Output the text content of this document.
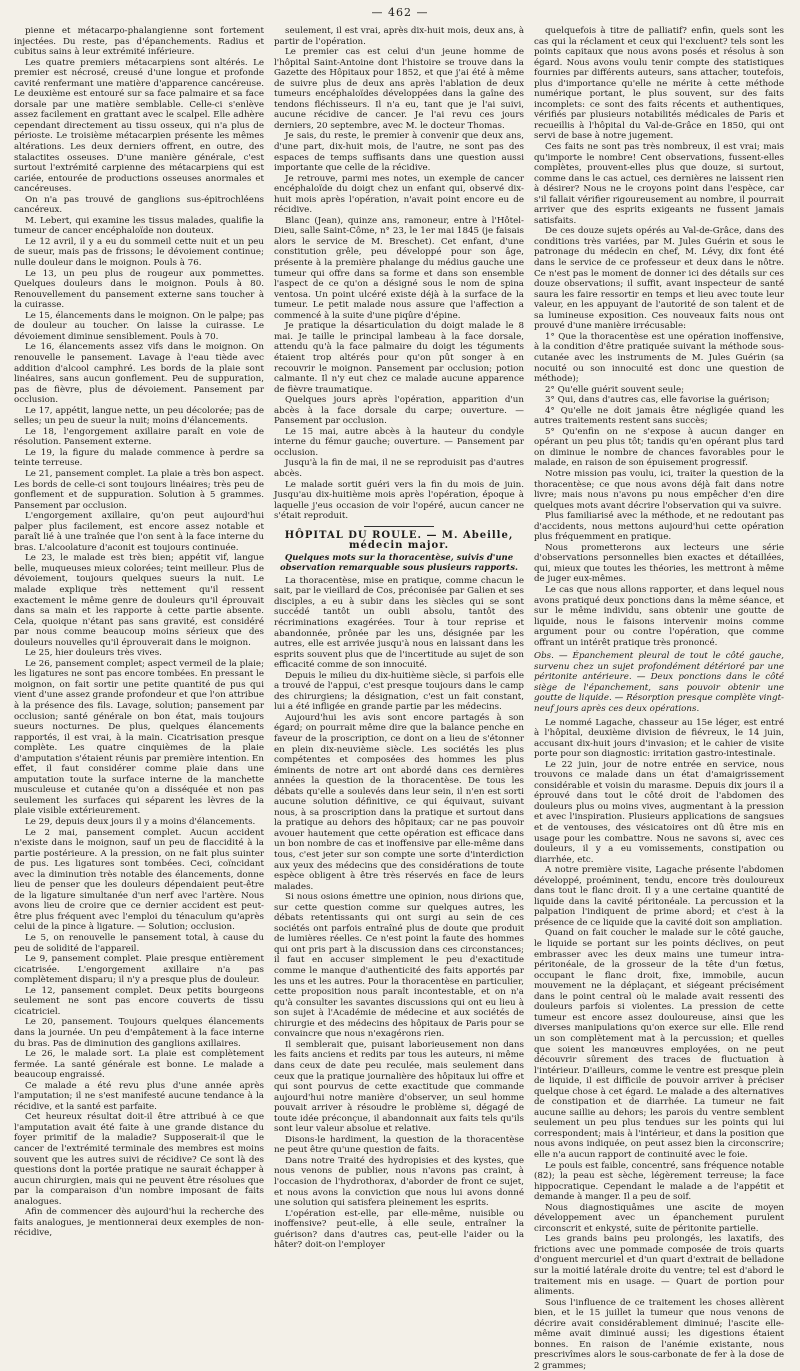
— 462 —

pienne et métacarpo-phalangienne sont fortement injectées. Du reste, pas d'épanchements. Radius et cubitus sains à leur extrémité inférieure.

Les quatre premiers métacarpiens sont altérés. Le premier est nécrosé, creusé d'une longue et profonde cavité renfermant une matière d'apparence cancéreuse. Le deuxième est entouré sur sa face palmaire et sa face dorsale par une matière semblable. Celle-ci s'enlève assez facilement en grattant avec le scalpel. Elle adhère cependant directement au tissu osseux, qui n'a plus de périoste. Le troisième métacarpien présente les mêmes altérations. Les deux derniers offrent, en outre, des stalactites osseuses. D'une manière générale, c'est surtout l'extrémité carpienne des métacarpiens qui est cariée, entourée de productions osseuses anormales et cancéreuses.

On n'a pas trouvé de ganglions sus-épitrochléens cancéreux.

M. Lebert, qui examine les tissus malades, qualifie la tumeur de cancer encéphaloïde non douteux.

Le 12 avril, il y a eu du sommeil cette nuit et un peu de sueur, mais pas de frissons; le dévoiement continue; nulle douleur dans le moignon. Pouls à 76.

Le 13, un peu plus de rougeur aux pommettes. Quelques douleurs dans le moignon. Pouls à 80. Renouvellement du pansement externe sans toucher à la cuirasse.

Le 15, élancements dans le moignon. On le palpe; pas de douleur au toucher. On laisse la cuirasse. Le dévoiement diminue sensiblement. Pouls à 70.

Le 16, élancements assez vifs dans le moignon. On renouvelle le pansement. Lavage à l'eau tiède avec addition d'alcool camphré. Les bords de la plaie sont linéaires, sans aucun gonflement. Peu de suppuration, pas de fièvre, plus de dévoiement. Pansement par occlusion.

Le 17, appétit, langue nette, un peu décolorée; pas de selles; un peu de sueur la nuit; moins d'élancements.

Le 18, l'engorgement axillaire paraît en voie de résolution. Pansement externe.

Le 19, la figure du malade commence à perdre sa teinte terreuse.

Le 21, pansement complet. La plaie a très bon aspect. Les bords de celle-ci sont toujours linéaires; très peu de gonflement et de suppuration. Solution à 5 grammes. Pansement par occlusion.

L'engorgement axillaire, qu'on peut aujourd'hui palper plus facilement, est encore assez notable et paraît lié à une traînée que l'on sent à la face interne du bras. L'alcoolature d'aconit est toujours continuée.

Le 23, le malade est très bien; appétit vif, langue belle, muqueuses mieux colorées; teint meilleur. Plus de dévoiement, toujours quelques sueurs la nuit. Le malade explique très nettement qu'il ressent exactement le même genre de douleurs qu'il éprouvait dans sa main et les rapporte à cette partie absente. Cela, quoique n'étant pas sans gravité, est considéré par nous comme beaucoup moins sérieux que des douleurs nouvelles qu'il éprouverait dans le moignon.

Le 25, hier douleurs très vives.

Le 26, pansement complet; aspect vermeil de la plaie; les ligatures ne sont pas encore tombées. En pressant le moignon, on fait sortir une petite quantité de pus qui vient d'une assez grande profondeur et que l'on attribue à la présence des fils. Lavage, solution; pansement par occlusion; santé générale on bon état, mais toujours sueurs nocturnes. De plus, quelques élancements rapportés, il est vrai, à la main. Cicatrisation presque complète. Les quatre cinquièmes de la plaie d'amputation s'étaient réunis par première intention. En effet, il faut considérer comme plaie dans une amputation toute la surface interne de la manchette musculeuse et cutanée qu'on a disséquée et non pas seulement les surfaces qui séparent les lèvres de la plaie visible extérieurement.

Le 29, depuis deux jours il y a moins d'élancements.

Le 2 mai, pansement complet. Aucun accident n'existe dans le moignon, sauf un peu de flaccidité à la partie postérieure. A la pression, on ne fait plus suinter de pus. Les ligatures sont tombées. Ceci, coïncidant avec la diminution très notable des élancements, donne lieu de penser que les douleurs dépendaient peut-être de la ligature simultanée d'un nerf avec l'artère. Nous avons lieu de croire que ce dernier accident est peut-être plus fréquent avec l'emploi du ténaculum qu'après celui de la pince à ligature. — Solution; occlusion.

Le 5, on renouvelle le pansement total, à cause du peu de solidité de l'appareil.

Le 9, pansement complet. Plaie presque entièrement cicatrisée. L'engorgement axillaire n'a pas complètement disparu; il n'y a presque plus de douleur.

Le 12, pansement complet. Deux petits bourgeons seulement ne sont pas encore couverts de tissu cicatriciel.

Le 20, pansement. Toujours quelques élancements dans la journée. Un peu d'empâtement à la face interne du bras. Pas de diminution des ganglions axillaires.

Le 26, le malade sort. La plaie est complètement fermée. La santé générale est bonne. Le malade a beaucoup engraissé.

Ce malade a été revu plus d'une année après l'amputation; il ne s'est manifesté aucune tendance à la récidive, et la santé est parfaite.

Cet heureux résultat doit-il être attribué à ce que l'amputation avait été faite à une grande distance du foyer primitif de la maladie? Supposerait-il que le cancer de l'extrémité terminale des membres est moins souvent que les autres suivi de récidive? Ce sont là des questions dont la portée pratique ne saurait échapper à aucun chirurgien, mais qui ne peuvent être résolues que par la comparaison d'un nombre imposant de faits analogues.

Afin de commencer dès aujourd'hui la recherche des faits analogues, je mentionnerai deux exemples de non-récidive,

seulement, il est vrai, après dix-huit mois, deux ans, à partir de l'opération.

Le premier cas est celui d'un jeune homme de l'hôpital Saint-Antoine dont l'histoire se trouve dans la Gazette des Hôpitaux pour 1852, et que j'ai été à même de suivre plus de deux ans après l'ablation de deux tumeurs encéphaloïdes développées dans la gaîne des tendons fléchisseurs. Il n'a eu, tant que je l'ai suivi, aucune récidive de cancer. Je l'ai revu ces jours derniers, 20 septembre, avec M. le docteur Thomas.

Je sais, du reste, le premier à convenir que deux ans, d'une part, dix-huit mois, de l'autre, ne sont pas des espaces de temps suffisants dans une question aussi importante que celle de la récidive.

Je retrouve, parmi mes notes, un exemple de cancer encéphaloïde du doigt chez un enfant qui, observé dix-huit mois après l'opération, n'avait point encore eu de récidive.

Blanc (Jean), quinze ans, ramoneur, entre à l'Hôtel-Dieu, salle Saint-Côme, n° 23, le 1er mai 1845 (je faisais alors le service de M. Breschet). Cet enfant, d'une constitution grêle, peu développé pour son âge, présente à la première phalange du médius gauche une tumeur qui offre dans sa forme et dans son ensemble l'aspect de ce qu'on a désigné sous le nom de spina ventosa. Un point ulcéré existe déjà à la surface de la tumeur. Le petit malade nous assure que l'affection a commencé à la suite d'une piqûre d'épine.

Je pratique la désarticulation du doigt malade le 8 mai. Je taille le principal lambeau à la face dorsale, attendu qu'à la face palmaire du doigt les téguments étaient trop altérés pour qu'on pût songer à en recouvrir le moignon. Pansement par occlusion; potion calmante. Il n'y eut chez ce malade aucune apparence de fièvre traumatique.

Quelques jours après l'opération, apparition d'un abcès à la face dorsale du carpe; ouverture. — Pansement par occlusion.

Le 15 mai, autre abcès à la hauteur du condyle interne du fémur gauche; ouverture. — Pansement par occlusion.

Jusqu'à la fin de mai, il ne se reproduisit pas d'autres abcès.

Le malade sortit guéri vers la fin du mois de juin. Jusqu'au dix-huitième mois après l'opération, époque à laquelle j'eus occasion de voir l'opéré, aucun cancer ne s'était reproduit.

HÔPITAL DU ROULE. — M. Abeille, médecin major.
Quelques mots sur la thoracentèse, suivis d'une observation remarquable sous plusieurs rapports.

La thoracentèse, mise en pratique, comme chacun le sait, par le vieillard de Cos, préconisée par Galien et ses disciples, a eu à subir dans les siècles qui se sont succédé tantôt un oubli absolu, tantôt des récriminations exagérées. Tour à tour reprise et abandonnée, prônée par les uns, désignée par les autres, elle est arrivée jusqu'à nous en laissant dans les esprits souvent plus que de l'incertitude au sujet de son efficacité comme de son innocuité.

Depuis le milieu du dix-huitième siècle, si parfois elle a trouvé de l'appui, c'est presque toujours dans le camp des chirurgiens; la désignation, c'est un fait constant, lui a été infligée en grande partie par les médecins.

Aujourd'hui les avis sont encore partagés à son égard; on pourrait même dire que la balance penche en faveur de la proscription, ce dont on a lieu de s'étonner en plein dix-neuvième siècle. Les sociétés les plus compétentes et composées des hommes les plus éminents de notre art ont abordé dans ces dernières années la question de la thoracentèse. De tous les débats qu'elle a soulevés dans leur sein, il n'en est sorti aucune solution définitive, ce qui équivaut, suivant nous, à sa proscription dans la pratique et surtout dans la pratique au dehors des hôpitaux; car ne pas pouvoir avouer hautement que cette opération est efficace dans un bon nombre de cas et inoffensive par elle-même dans tous, c'est jeter sur son compte une sorte d'interdiction aux yeux des médecins que des considérations de toute espèce obligent à être très réservés en face de leurs malades.

Si nous osions émettre une opinion, nous dirions que, sur cette question comme sur quelques autres, les débats retentissants qui ont surgi au sein de ces sociétés ont parfois entraîné plus de doute que produit de lumières réelles. Ce n'est point la faute des hommes qui ont pris part à la discussion dans ces circonstances; il faut en accuser simplement le peu d'exactitude comme le manque d'authenticité des faits apportés par les uns et les autres. Pour la thoracentèse en particulier, cette proposition nous paraît incontestable, et on n'a qu'à consulter les savantes discussions qui ont eu lieu à son sujet à l'Académie de médecine et aux sociétés de chirurgie et des médecins des hôpitaux de Paris pour se convaincre que nous n'exagérons rien.

Il semblerait que, puisant laborieusement non dans les faits anciens et redits par tous les auteurs, ni même dans ceux de date peu reculée, mais seulement dans ceux que la pratique journalière des hôpitaux lui offre et qui sont pourvus de cette exactitude que commande aujourd'hui notre manière d'observer, un seul homme pouvait arriver à résoudre le problème si, dégagé de toute idée préconçue, il abandonnait aux faits tels qu'ils sont leur valeur absolue et relative.

Disons-le hardiment, la question de la thoracentèse ne peut être qu'une question de faits.

Dans notre Traité des hydropisies et des kystes, que nous venons de publier, nous n'avons pas craint, à l'occasion de l'hydrothorax, d'aborder de front ce sujet, et nous avons la conviction que nous lui avons donné une solution qui satisfera pleinement les esprits.

L'opération est-elle, par elle-même, nuisible ou inoffensive? peut-elle, à elle seule, entraîner la guérison? dans d'autres cas, peut-elle l'aider ou la hâter? doit-on l'employer

quelquefois à titre de palliatif? enfin, quels sont les cas qui la réclament et ceux qui l'excluent? tels sont les points capitaux que nous avons posés et résolus à son égard. Nous avons voulu tenir compte des statistiques fournies par différents auteurs, sans attacher, toutefois, plus d'importance qu'elle ne mérite à cette méthode numérique portant, le plus souvent, sur des faits incomplets: ce sont des faits récents et authentiques, vérifiés par plusieurs notabilités médicales de Paris et recueillis à l'hôpital du Val-de-Grâce en 1850, qui ont servi de base à notre jugement.

Ces faits ne sont pas très nombreux, il est vrai; mais qu'importe le nombre! Cent observations, fussent-elles complètes, prouvent-elles plus que douze, si surtout, comme dans le cas actuel, ces dernières ne laissent rien à désirer? Nous ne le croyons point dans l'espèce, car s'il fallait vérifier rigoureusement au nombre, il pourrait arriver que des esprits exigeants ne fussent jamais satisfaits.

De ces douze sujets opérés au Val-de-Grâce, dans des conditions très variées, par M. Jules Guérin et sous le patronage du médecin en chef, M. Lévy, dix font été dans le service de ce professeur et deux dans le nôtre. Ce n'est pas le moment de donner ici des détails sur ces douze observations; il suffit, avant inspecteur de santé saura les faire ressortir en temps et lieu avec toute leur valeur, en les appuyant de l'autorité de son talent et de sa lumineuse exposition. Ces nouveaux faits nous ont prouvé d'une manière irrécusable:

1° Que la thoracentèse est une opération inoffensive, à la condition d'être pratiquée suivant la méthode sous-cutanée avec les instruments de M. Jules Guérin (sa nocuité ou son innocuité est donc une question de méthode);

2° Qu'elle guérit souvent seule;

3° Qui, dans d'autres cas, elle favorise la guérison;

4° Qu'elle ne doit jamais être négligée quand les autres traitements restent sans succès;

5° Qu'enfin on ne s'expose à aucun danger en opérant un peu plus tôt; tandis qu'en opérant plus tard on diminue le nombre de chances favorables pour le malade, en raison de son épuisement progressif.

Notre mission pas voulu, ici, traiter la question de la thoracentèse; ce que nous avons déjà fait dans notre livre; mais nous n'avons pu nous empêcher d'en dire quelques mots avant décrire l'observation qui va suivre.

Plus familiarisé avec la méthode, et ne redoutant pas d'accidents, nous mettons aujourd'hui cette opération plus fréquemment en pratique.

Nous prometterons aux lecteurs une série d'observations personnelles bien exactes et détaillées, qui, mieux que toutes les théories, les mettront à même de juger eux-mêmes.

Le cas que nous allons rapporter, et dans lequel nous avons pratiqué deux ponctions dans la même séance, et sur le même individu, sans obtenir une goutte de liquide, nous le faisons intervenir moins comme argument pour ou contre l'opération, que comme offrant un intérêt pratique très prononcé.

Obs. — Épanchement pleural de tout le côté gauche, survenu chez un sujet profondément détérioré par une péritonite antérieure. — Deux ponctions dans le côté siège de l'épanchement, sans pouvoir obtenir une goutte de liquide. — Résorption presque complète vingt-neuf jours après ces deux opérations.

Le nommé Lagache, chasseur au 15e léger, est entré à l'hôpital, deuxième division de fiévreux, le 14 juin, accusant dix-huit jours d'invasion; et le cahier de visite porte pour son diagnostic: irritation gastro-intestinale.

Le 22 juin, jour de notre entrée en service, nous trouvons ce malade dans un état d'amaigrissement considérable et voisin du marasme. Depuis dix jours il a éprouvé dans tout le côté droit de l'abdomen des douleurs plus ou moins vives, augmentant à la pression et avec l'inspiration. Plusieurs applications de sangsues et de ventouses, des vésicatoires ont dû être mis en usage pour les combattre. Nous ne savons si, avec ces douleurs, il y a eu vomissements, constipation ou diarrhée, etc.

A notre première visite, Lagache présente l'abdomen développé, proéminent, tendu, encore très douloureux dans tout le flanc droit. Il y a une certaine quantité de liquide dans la cavité péritonéale. La percussion et la palpation l'indiquent de prime abord; et c'est à la présence de ce liquide que la cavité doit son ampliation.

Quand on fait coucher le malade sur le côté gauche, le liquide se portant sur les points déclives, on peut embrasser avec les deux mains une tumeur intra-péritonéale, de la grosseur de la tête d'un fœtus, occupant le flanc droit, fixe, immobile, aucun mouvement ne la déplaçant, et siégeant précisément dans le point central où le malade avait ressenti des douleurs parfois si violentes. La pression de cette tumeur est encore assez douloureuse, ainsi que les diverses manipulations qu'on exerce sur elle. Elle rend un son complètement mat à la percussion; et quelles que soient les manœuvres employées, on ne peut découvrir sûrement des traces de fluctuation à l'intérieur. D'ailleurs, comme le ventre est presque plein de liquide, il est difficile de pouvoir arriver à préciser quelque chose à cet égard. Le malade a des alternatives de constipation et de diarrhée. La tumeur ne fait aucune saillie au dehors; les parois du ventre semblent seulement un peu plus tendues sur les points qui lui correspondent; mais à l'intérieur, et dans la position que nous avons indiquée, on peut assez bien la circonscrire; elle n'a aucun rapport de continuité avec le foie.

Le pouls est faible, concentré, sans fréquence notable (82); la peau est sèche, légèrement terreuse; la face hippocratique. Cependant le malade a de l'appétit et demande à manger. Il a peu de soif.

Nous diagnostiquâmes une ascite de moyen développement avec un épanchement purulent circonscrit et enkysté, suite de péritonite partielle.

Les grands bains peu prolongés, les laxatifs, des frictions avec une pommade composée de trois quarts d'onguent mercuriel et d'un quart d'extrait de belladone sur la moitié latérale droite du ventre; tel est d'abord le traitement mis en usage. — Quart de portion pour aliments.

Sous l'influence de ce traitement les choses allèrent bien, et le 15 juillet la tumeur que nous venons de décrire avait considérablement diminué; l'ascite elle-même avait diminué aussi; les digestions étaient bonnes. En raison de l'anémie existante, nous prescrivîmes alors le sous-carbonate de fer à la dose de 2 grammes;
